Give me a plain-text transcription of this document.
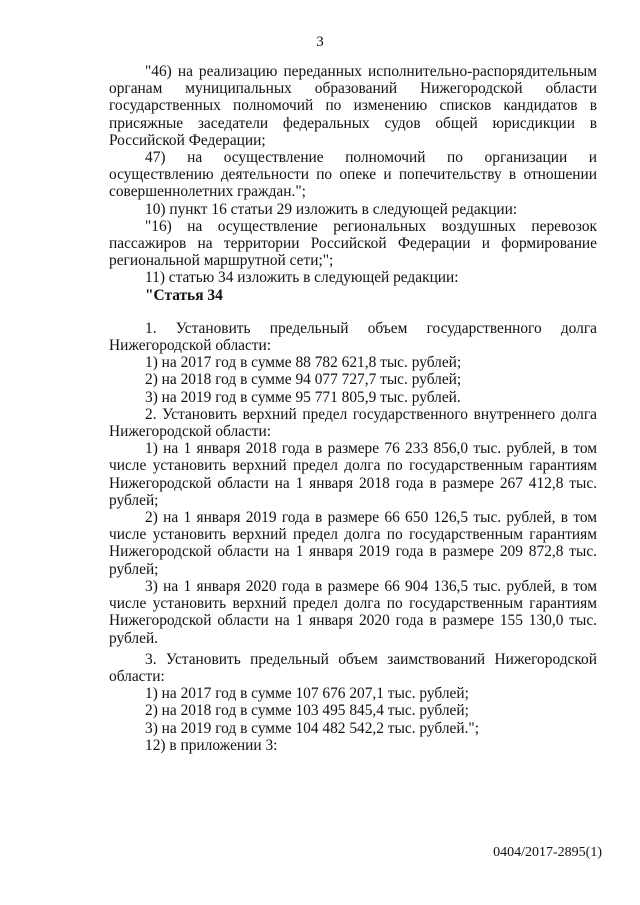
3

"46) на реализацию переданных исполнительно-распорядительным органам муниципальных образований Нижегородской области государственных полномочий по изменению списков кандидатов в присяжные заседатели федеральных судов общей юрисдикции в Российской Федерации;

47) на осуществление полномочий по организации и осуществлению деятельности по опеке и попечительству в отношении совершеннолетних граждан.";

10) пункт 16 статьи 29 изложить в следующей редакции:

"16) на осуществление региональных воздушных перевозок пассажиров на территории Российской Федерации и формирование региональной маршрутной сети;";

11) статью 34 изложить в следующей редакции:

"Статья 34

1. Установить предельный объем государственного долга Нижегородской области:

1) на 2017 год в сумме 88 782 621,8 тыс. рублей;

2) на 2018 год в сумме 94 077 727,7 тыс. рублей;

3) на 2019 год в сумме 95 771 805,9 тыс. рублей.

2. Установить верхний предел государственного внутреннего долга Нижегородской области:

1) на 1 января 2018 года в размере 76 233 856,0 тыс. рублей, в том числе установить верхний предел долга по государственным гарантиям Нижегородской области на 1 января 2018 года в размере 267 412,8 тыс. рублей;

2) на 1 января 2019 года в размере 66 650 126,5 тыс. рублей, в том числе установить верхний предел долга по государственным гарантиям Нижегородской области на 1 января 2019 года в размере 209 872,8 тыс. рублей;

3) на 1 января 2020 года в размере 66 904 136,5 тыс. рублей, в том числе установить верхний предел долга по государственным гарантиям Нижегородской области на 1 января 2020 года в размере 155 130,0 тыс. рублей.

3. Установить предельный объем заимствований Нижегородской области:

1) на 2017 год в сумме 107 676 207,1 тыс. рублей;

2) на 2018 год в сумме 103 495 845,4 тыс. рублей;

3) на 2019 год в сумме 104 482 542,2 тыс. рублей.";

12) в приложении 3:

0404/2017-2895(1)
